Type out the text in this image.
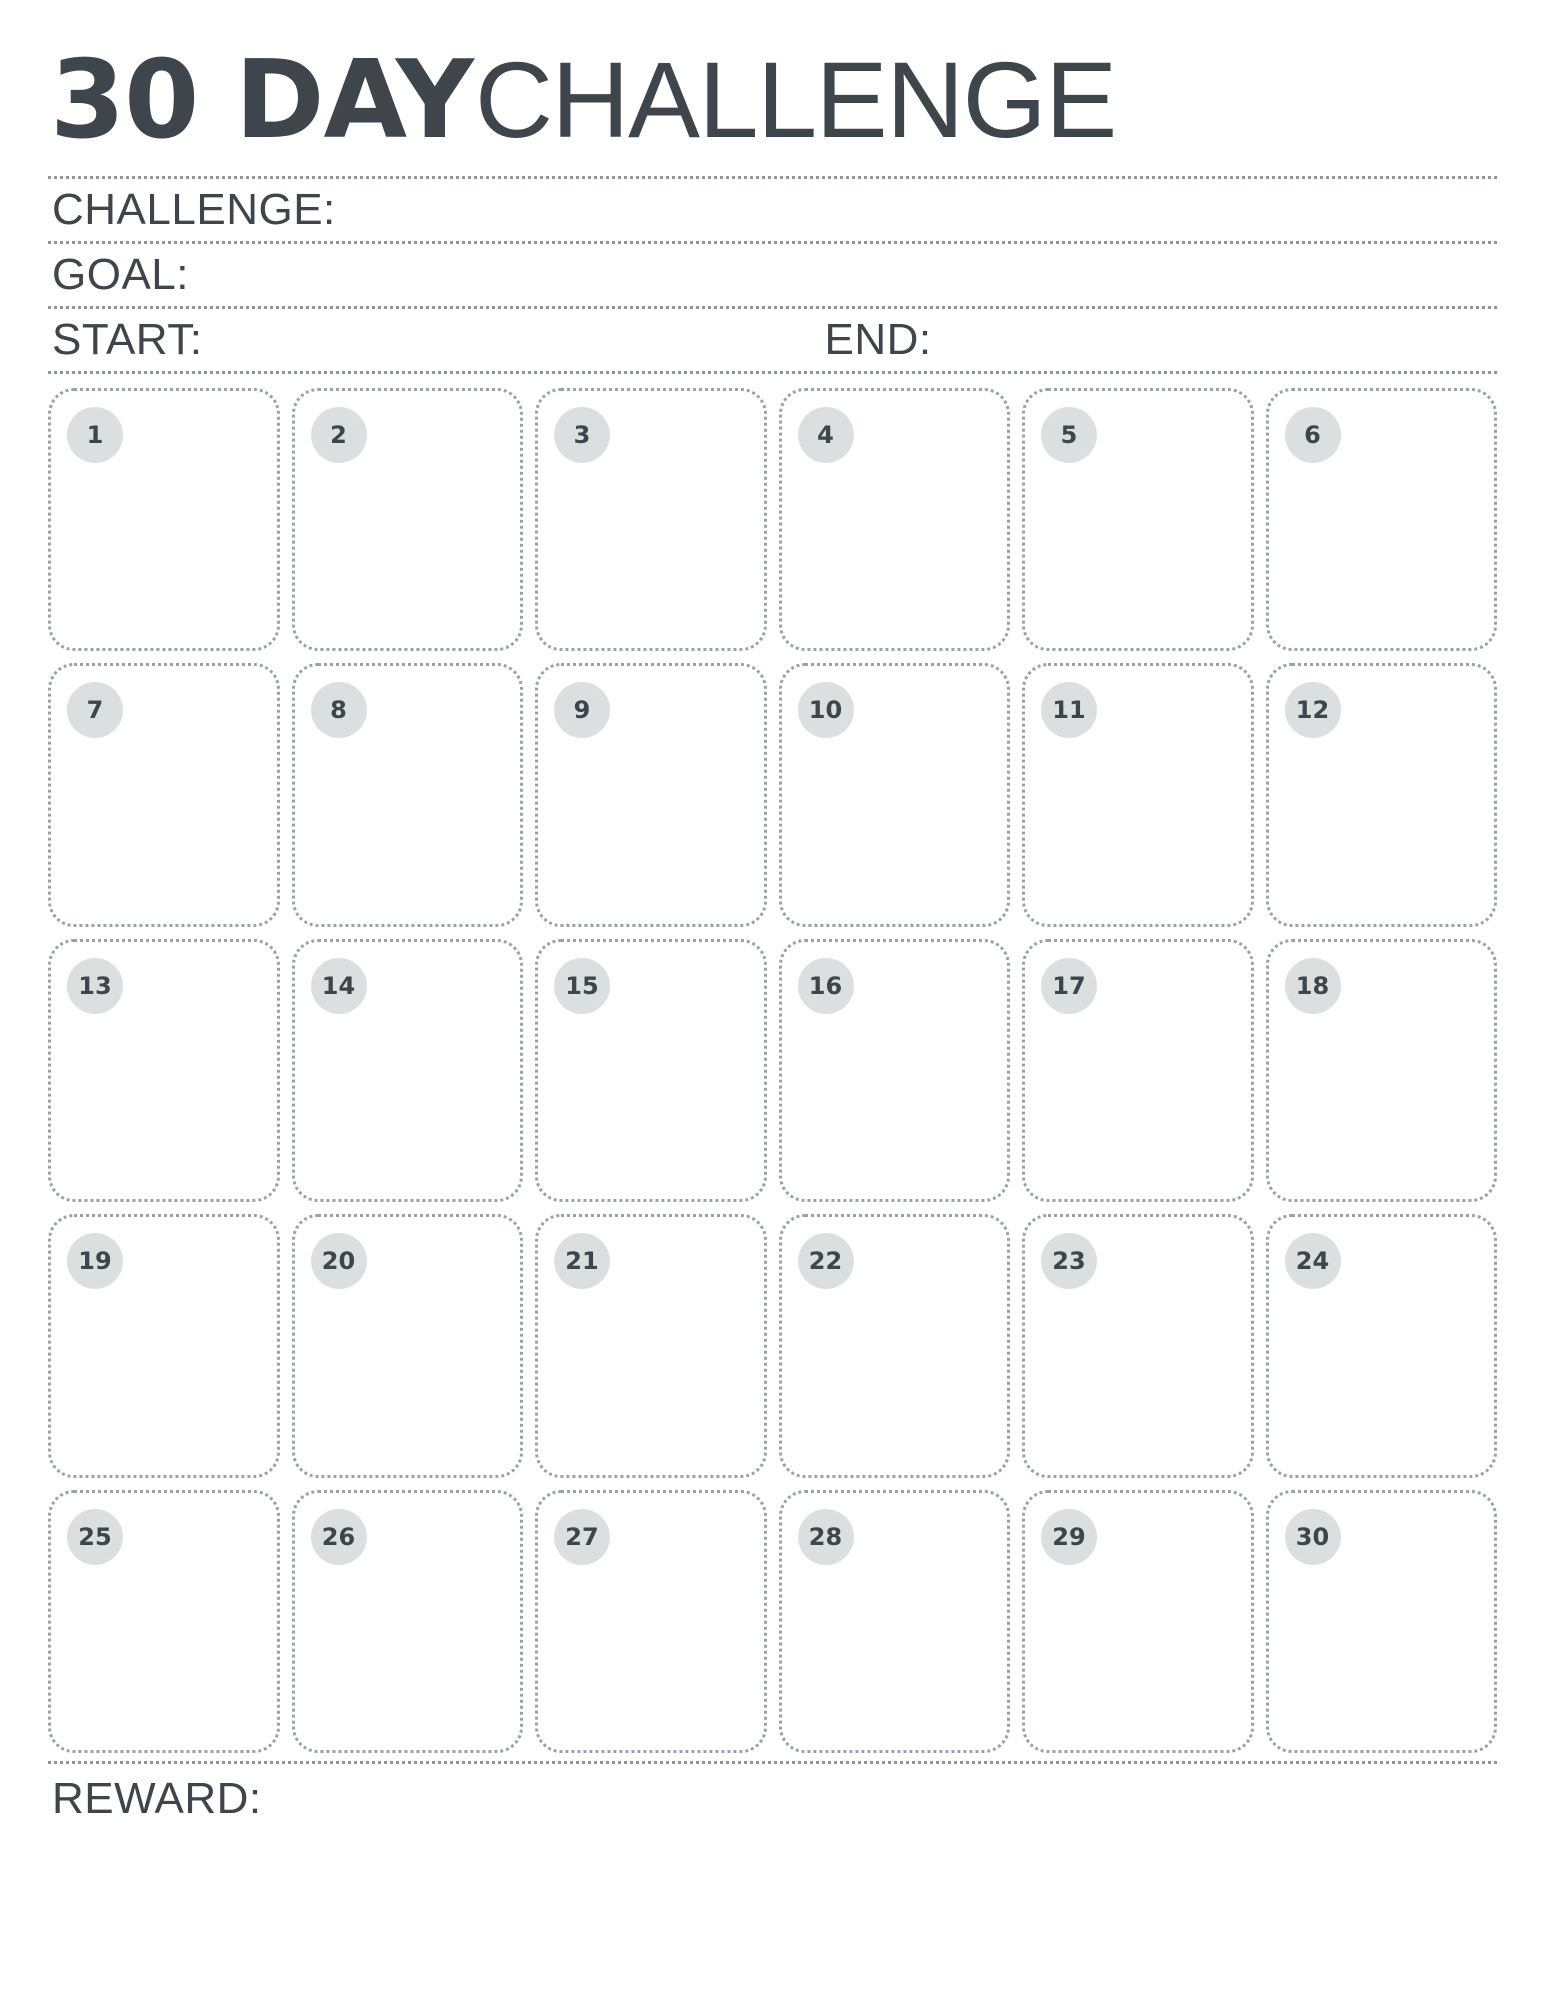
30 DAY CHALLENGE
CHALLENGE:
GOAL:
START:	END:
1	2	3	4	5	6
7	8	9	10	11	12
13	14	15	16	17	18
19	20	21	22	23	24
25	26	27	28	29	30
REWARD:
